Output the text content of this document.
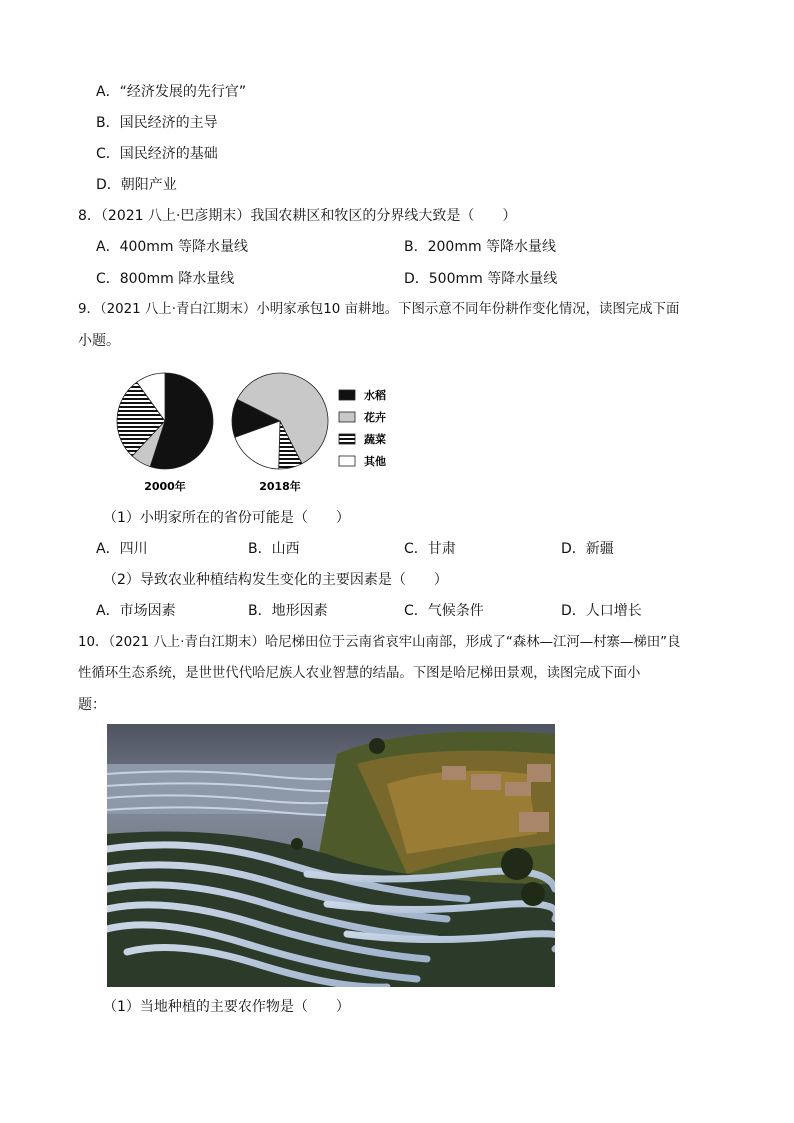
A．“经济发展的先行官”
B．国民经济的主导
C．国民经济的基础
D．朝阳产业
8．（2021 八上·巴彦期末）我国农耕区和牧区的分界线大致是（　　）
A．400mm 等降水量线	B．200mm 等降水量线
C．800mm 降水量线	D．500mm 等降水量线
9．（2021 八上·青白江期末）小明家承包10 亩耕地。下图示意不同年份耕作变化情况，读图完成下面
小题。
2000年	2018年
水稻
花卉
蔬菜
其他
（1）小明家所在的省份可能是（　　）
A．四川	B．山西	C．甘肃	D．新疆
（2）导致农业种植结构发生变化的主要因素是（　　）
A．市场因素	B．地形因素	C．气候条件	D．人口增长
10．（2021 八上·青白江期末）哈尼梯田位于云南省哀牢山南部，形成了“森林—江河—村寨—梯田”良
性循环生态系统，是世世代代哈尼族人农业智慧的结晶。下图是哈尼梯田景观，读图完成下面小
题：
（1）当地种植的主要农作物是（　　）
